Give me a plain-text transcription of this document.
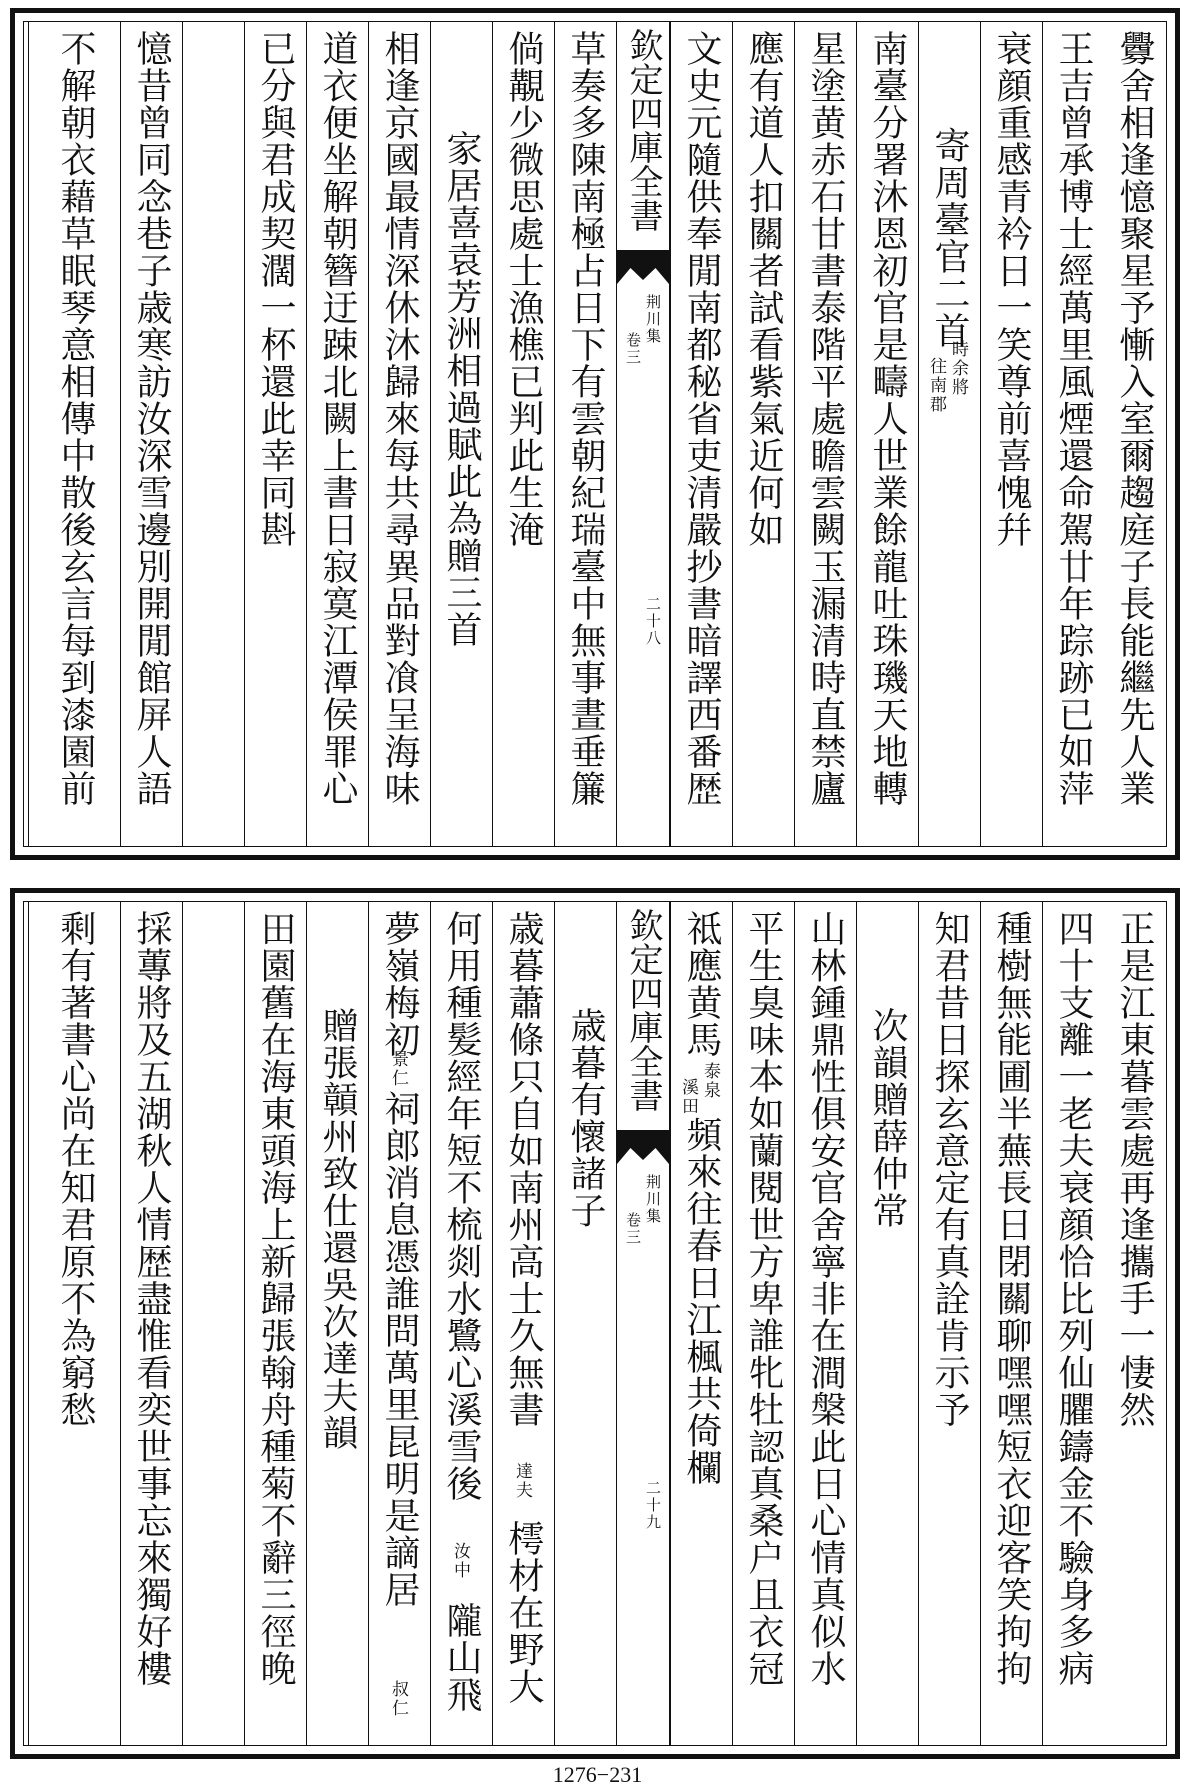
釁舍相逢憶聚星予慚入室爾趨庭子長能繼先人業
王吉曾承博士經萬里風煙還命駕廿年踪跡已如萍
衰顔重感青衿日一笑尊前喜愧幷
寄周臺官二首
時余將
往南郡
南臺分署沐恩初官是疇人世業餘龍吐珠璣天地轉
星塗黄赤石甘書泰階平處瞻雲闕玉漏清時直禁廬
應有道人扣關者試看紫氣近何如
文史元隨供奉閒南都秘省吏清嚴抄書暗譯西番歴
欽定四庫全書
荆川集
卷三
二十八
草奏多陳南極占日下有雲朝紀瑞臺中無事晝垂簾
倘覯少微思處士漁樵已判此生淹
家居喜袁芳洲相過賦此為贈三首
相逢京國最情深休沐歸來每共尋異品對飡呈海味
道衣便坐解朝簪迂踈北闕上書日寂寞江潭侯罪心
已分與君成契濶一杯還此幸同斟
憶昔曾同念巷子歳寒訪汝深雪邊別開閒館屏人語
不解朝衣藉草眠琴意相傳中散後玄言每到漆園前
正是江東暮雲處再逢攜手一悽然
四十支離一老夫衰顔恰比列仙臞鑄金不驗身多病
種樹無能圃半蕪長日閉關聊嘿嘿短衣迎客笑拘拘
知君昔日探玄意定有真詮肯示予
次韻贈薛仲常
山林鍾鼎性俱安官舍寧非在澗槃此日心情真似水
平生臭味本如蘭閱世方卑誰牝牡認真桑户且衣冠
祗應黄馬
泰泉
溪田
頻來往春日江楓共倚欄
欽定四庫全書
荆川集
卷三
二十九
歳暮有懷諸子
歳暮蕭條只自如南州高士久無書
達夫
樗材在野大
何用種髪經年短不梳剡水鷺心溪雪後
汝中
隴山飛
夢嶺梅初
景仁
祠郎消息憑誰問萬里昆明是謫居
叔仁
贈張贑州致仕還吳次達夫韻
田園舊在海東頭海上新歸張翰舟種菊不辭三徑晚
採蓴將及五湖秋人情歴盡惟看奕世事忘來獨好樓
剩有著書心尚在知君原不為窮愁
1276−231
